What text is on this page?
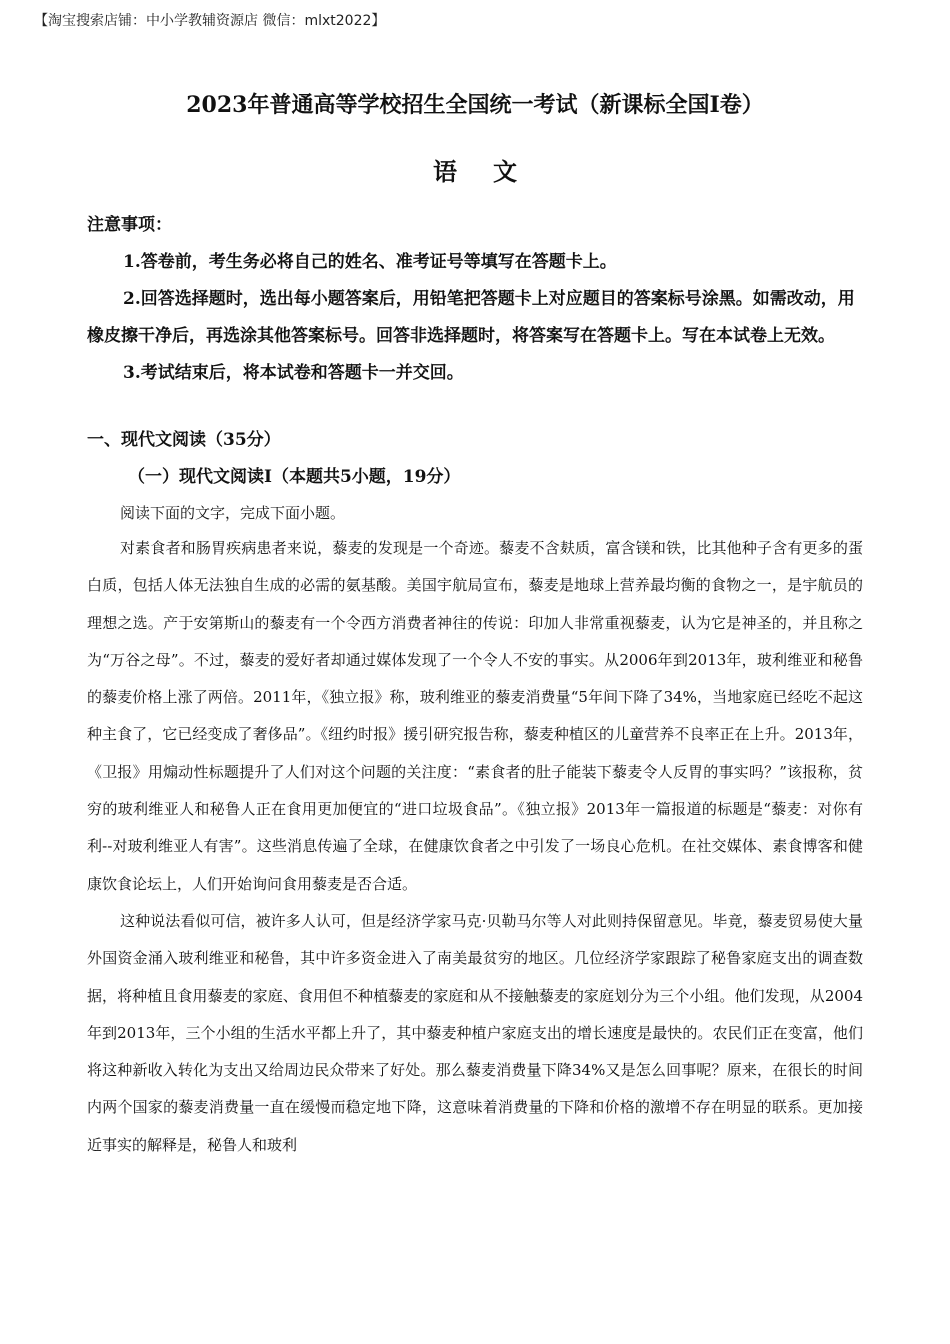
【淘宝搜索店铺：中小学教辅资源店 微信：mlxt2022】
2023年普通高等学校招生全国统一考试（新课标全国Ⅰ卷）
语文

注意事项：

1.答卷前，考生务必将自己的姓名、准考证号等填写在答题卡上。

2.回答选择题时，选出每小题答案后，用铅笔把答题卡上对应题目的答案标号涂黑。如需改动，用橡皮擦干净后，再选涂其他答案标号。回答非选择题时，将答案写在答题卡上。写在本试卷上无效。

3.考试结束后，将本试卷和答题卡一并交回。

一、现代文阅读（35分）
（一）现代文阅读Ⅰ（本题共5小题，19分）
阅读下面的文字，完成下面小题。

对素食者和肠胃疾病患者来说，藜麦的发现是一个奇迹。藜麦不含麸质，富含镁和铁，比其他种子含有更多的蛋白质，包括人体无法独自生成的必需的氨基酸。美国宇航局宣布，藜麦是地球上营养最均衡的食物之一，是宇航员的理想之选。产于安第斯山的藜麦有一个令西方消费者神往的传说：印加人非常重视藜麦，认为它是神圣的，并且称之为“万谷之母”。不过，藜麦的爱好者却通过媒体发现了一个令人不安的事实。从2006年到2013年，玻利维亚和秘鲁的藜麦价格上涨了两倍。2011年，《独立报》称，玻利维亚的藜麦消费量“5年间下降了34%，当地家庭已经吃不起这种主食了，它已经变成了奢侈品”。《纽约时报》援引研究报告称，藜麦种植区的儿童营养不良率正在上升。2013年，《卫报》用煽动性标题提升了人们对这个问题的关注度：“素食者的肚子能装下藜麦令人反胃的事实吗？”该报称，贫穷的玻利维亚人和秘鲁人正在食用更加便宜的“进口垃圾食品”。《独立报》2013年一篇报道的标题是“藜麦：对你有利--对玻利维亚人有害”。这些消息传遍了全球，在健康饮食者之中引发了一场良心危机。在社交媒体、素食博客和健康饮食论坛上，人们开始询问食用藜麦是否合适。

这种说法看似可信，被许多人认可，但是经济学家马克·贝勒马尔等人对此则持保留意见。毕竟，藜麦贸易使大量外国资金涌入玻利维亚和秘鲁，其中许多资金进入了南美最贫穷的地区。几位经济学家跟踪了秘鲁家庭支出的调查数据，将种植且食用藜麦的家庭、食用但不种植藜麦的家庭和从不接触藜麦的家庭划分为三个小组。他们发现，从2004年到2013年，三个小组的生活水平都上升了，其中藜麦种植户家庭支出的增长速度是最快的。农民们正在变富，他们将这种新收入转化为支出又给周边民众带来了好处。那么藜麦消费量下降34%又是怎么回事呢？原来，在很长的时间内两个国家的藜麦消费量一直在缓慢而稳定地下降，这意味着消费量的下降和价格的激增不存在明显的联系。更加接近事实的解释是，秘鲁人和玻利
